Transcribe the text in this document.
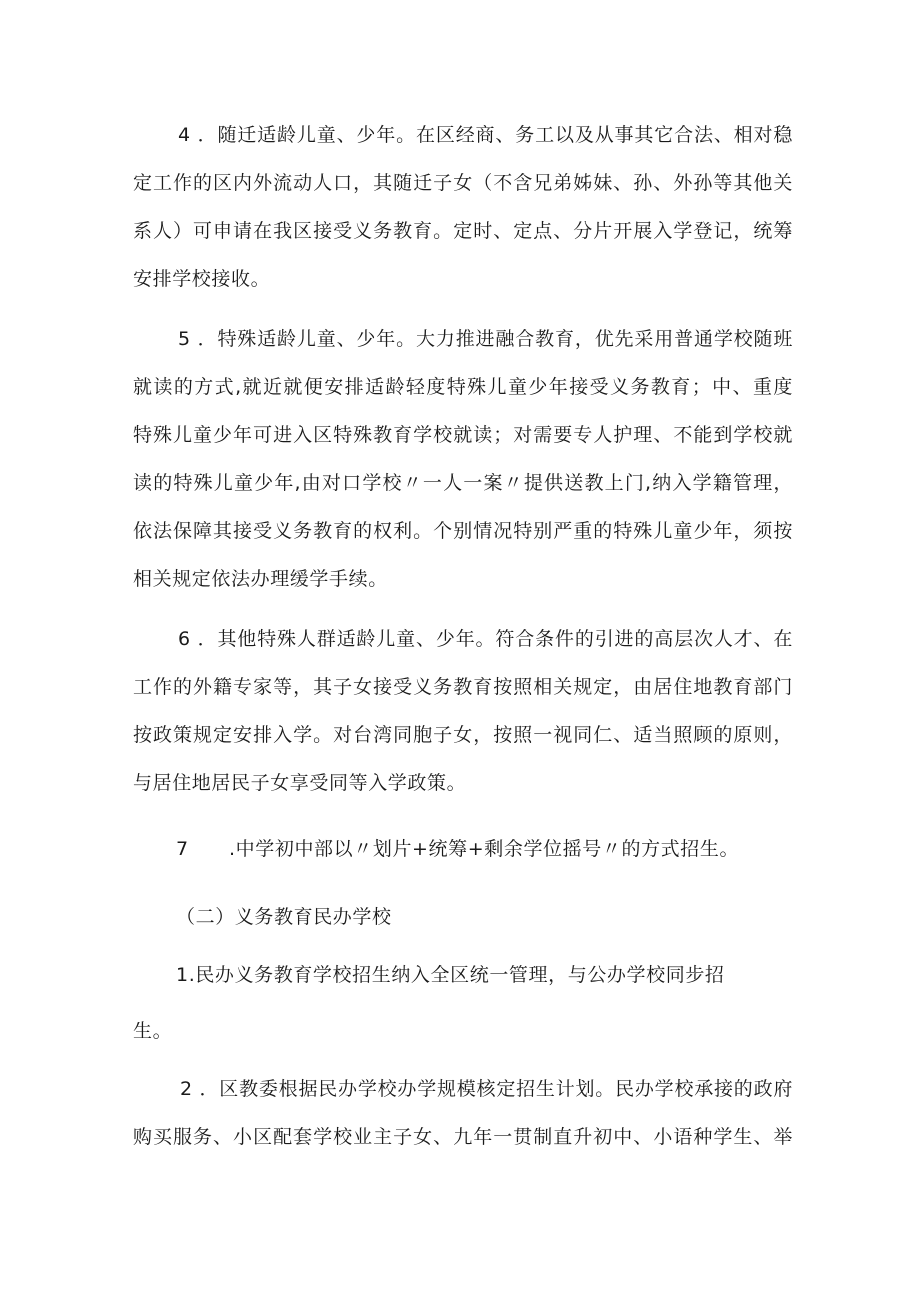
4 ．随迁适龄儿童、少年。在区经商、务工以及从事其它合法、相对稳
定工作的区内外流动人口，其随迁子女（不含兄弟姊妹、孙、外孙等其他关
系人）可申请在我区接受义务教育。定时、定点、分片开展入学登记，统筹
安排学校接收。
5 ．特殊适龄儿童、少年。大力推进融合教育，优先采用普通学校随班
就读的方式,就近就便安排适龄轻度特殊儿童少年接受义务教育；中、重度
特殊儿童少年可进入区特殊教育学校就读；对需要专人护理、不能到学校就
读的特殊儿童少年,由对口学校〃一人一案〃提供送教上门,纳入学籍管理，
依法保障其接受义务教育的权利。个别情况特别严重的特殊儿童少年，须按
相关规定依法办理缓学手续。
6 ．其他特殊人群适龄儿童、少年。符合条件的引进的高层次人才、在
工作的外籍专家等，其子女接受义务教育按照相关规定，由居住地教育部门
按政策规定安排入学。对台湾同胞子女，按照一视同仁、适当照顾的原则，
与居住地居民子女享受同等入学政策。
7 .中学初中部以〃划片+统筹+剩余学位摇号〃的方式招生。
（二）义务教育民办学校
1.民办义务教育学校招生纳入全区统一管理，与公办学校同步招
生。
2 ．区教委根据民办学校办学规模核定招生计划。民办学校承接的政府
购买服务、小区配套学校业主子女、九年一贯制直升初中、小语种学生、举
